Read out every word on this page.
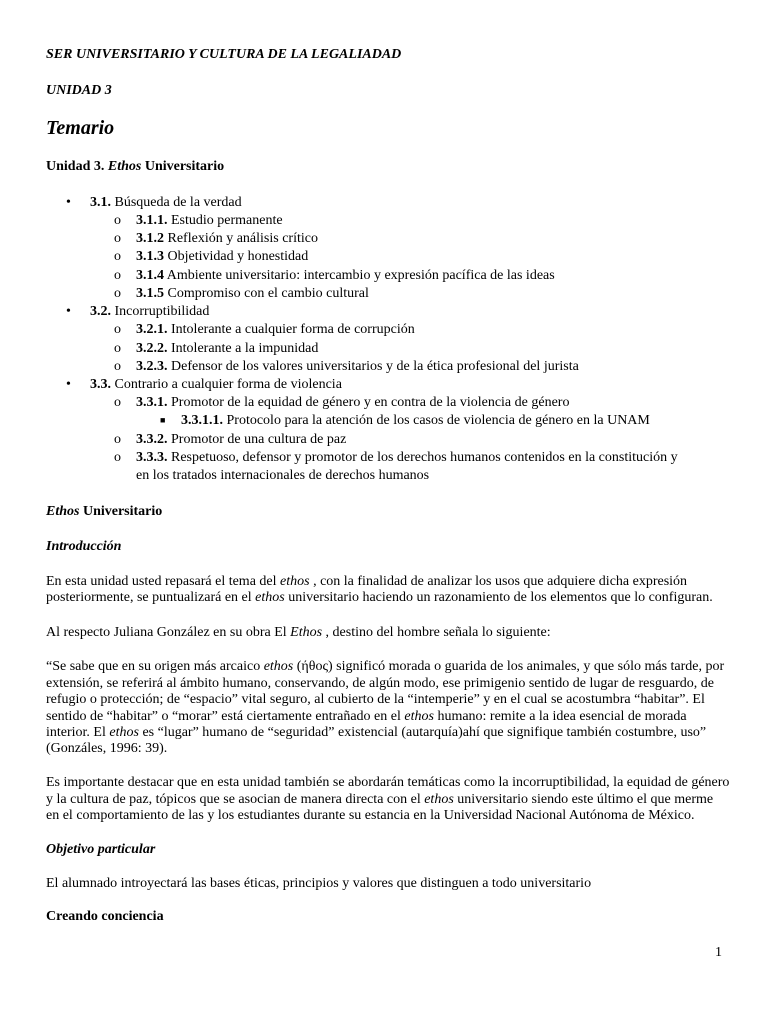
SER UNIVERSITARIO Y CULTURA DE LA LEGALIADAD
UNIDAD 3
Temario
Unidad 3. Ethos Universitario
• 3.1. Búsqueda de la verdad
o 3.1.1. Estudio permanente
o 3.1.2 Reflexión y análisis crítico
o 3.1.3 Objetividad y honestidad
o 3.1.4 Ambiente universitario: intercambio y expresión pacífica de las ideas
o 3.1.5 Compromiso con el cambio cultural
• 3.2. Incorruptibilidad
o 3.2.1. Intolerante a cualquier forma de corrupción
o 3.2.2. Intolerante a la impunidad
o 3.2.3. Defensor de los valores universitarios y de la ética profesional del jurista
• 3.3. Contrario a cualquier forma de violencia
o 3.3.1. Promotor de la equidad de género y en contra de la violencia de género
■ 3.3.1.1. Protocolo para la atención de los casos de violencia de género en la UNAM
o 3.3.2. Promotor de una cultura de paz
o 3.3.3. Respetuoso, defensor y promotor de los derechos humanos contenidos en la constitución y
en los tratados internacionales de derechos humanos
Ethos Universitario
Introducción
En esta unidad usted repasará el tema del ethos , con la finalidad de analizar los usos que adquiere dicha expresión
posteriormente, se puntualizará en el ethos universitario haciendo un razonamiento de los elementos que lo configuran.
Al respecto Juliana González en su obra El Ethos , destino del hombre señala lo siguiente:
“Se sabe que en su origen más arcaico ethos (ήθος) significó morada o guarida de los animales, y que sólo más tarde, por
extensión, se referirá al ámbito humano, conservando, de algún modo, ese primigenio sentido de lugar de resguardo, de
refugio o protección; de “espacio” vital seguro, al cubierto de la “intemperie” y en el cual se acostumbra “habitar”. El
sentido de “habitar” o “morar” está ciertamente entrañado en el ethos humano: remite a la idea esencial de morada
interior. El ethos es “lugar” humano de “seguridad” existencial (autarquía)ahí que signifique también costumbre, uso”
(Gonzáles, 1996: 39).
Es importante destacar que en esta unidad también se abordarán temáticas como la incorruptibilidad, la equidad de género
y la cultura de paz, tópicos que se asocian de manera directa con el ethos universitario siendo este último el que merme
en el comportamiento de las y los estudiantes durante su estancia en la Universidad Nacional Autónoma de México.
Objetivo particular
El alumnado introyectará las bases éticas, principios y valores que distinguen a todo universitario
Creando conciencia
1
